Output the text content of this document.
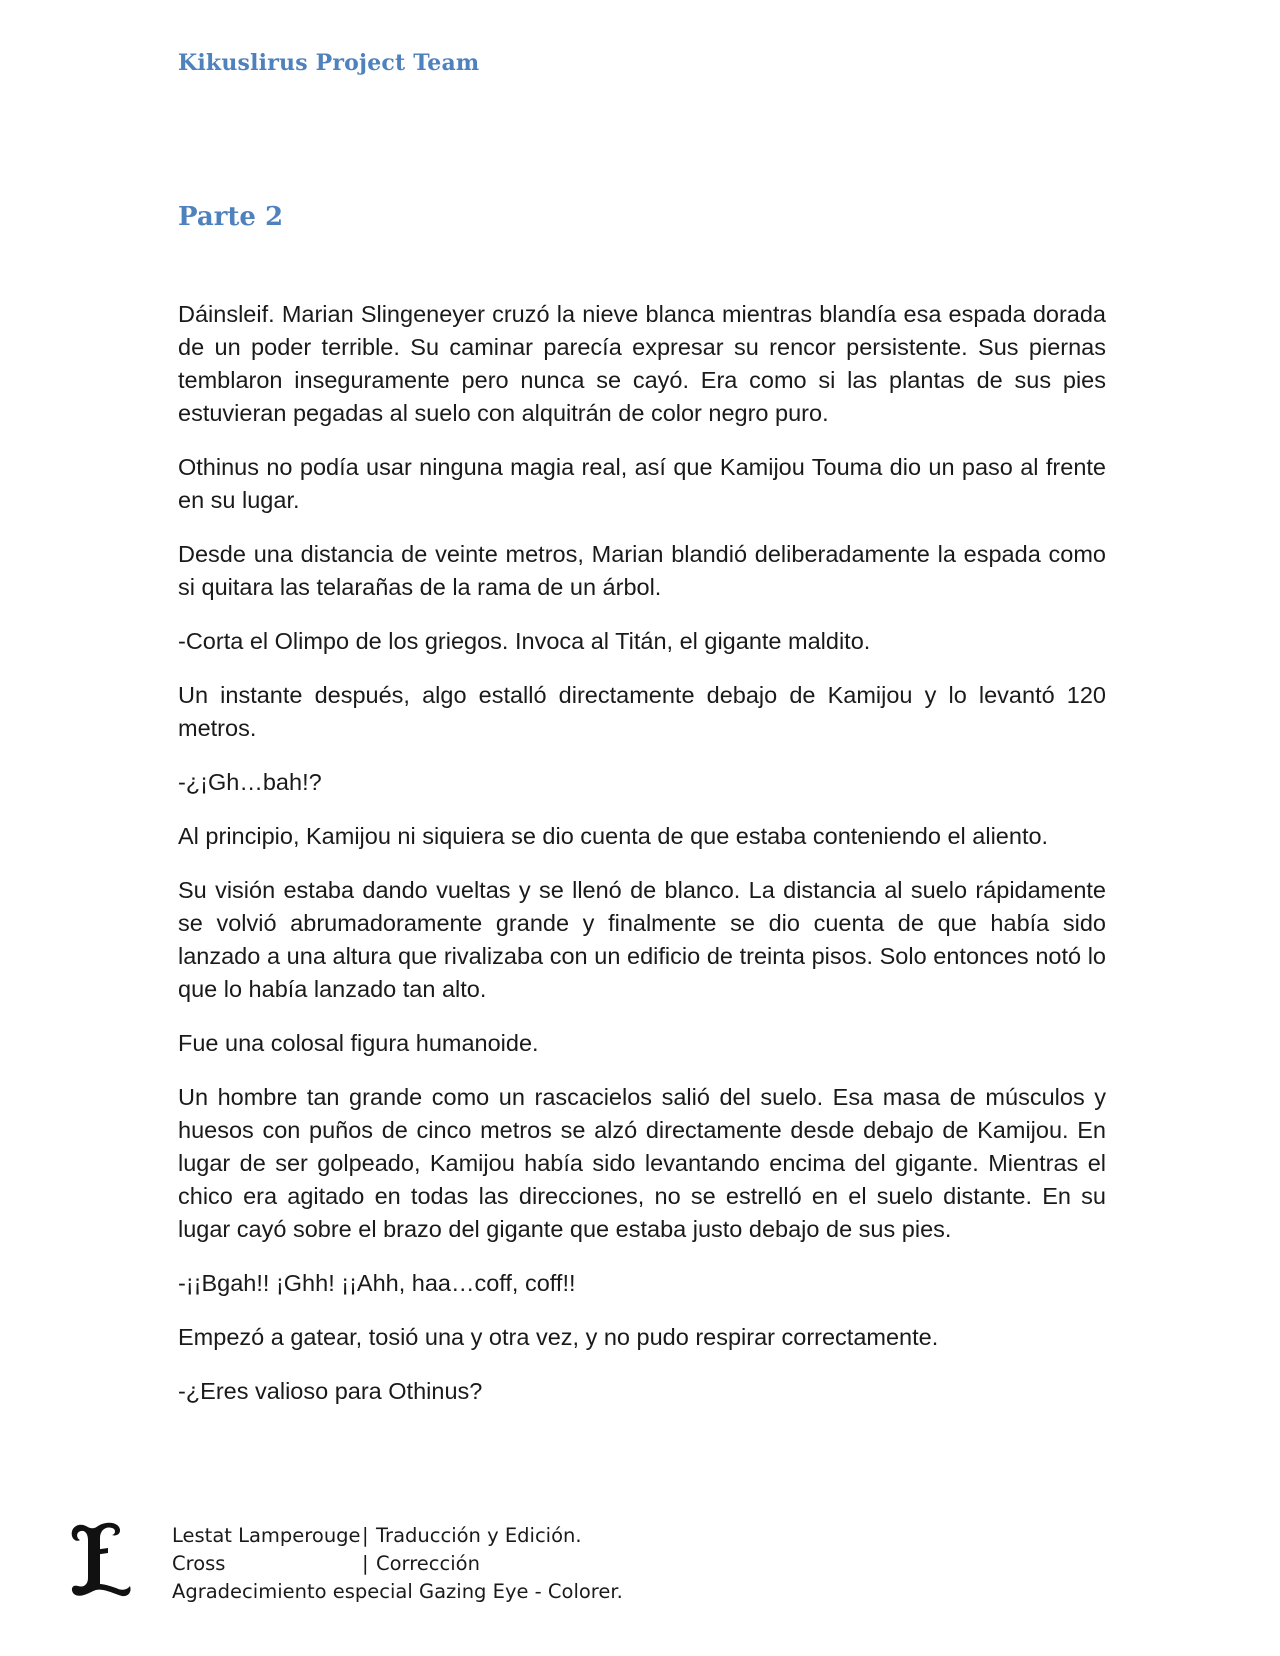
Kikuslirus Project Team
Parte 2

Dáinsleif. Marian Slingeneyer cruzó la nieve blanca mientras blandía esa espada dorada de un poder terrible. Su caminar parecía expresar su rencor persistente. Sus piernas temblaron inseguramente pero nunca se cayó. Era como si las plantas de sus pies estuvieran pegadas al suelo con alquitrán de color negro puro.

Othinus no podía usar ninguna magia real, así que Kamijou Touma dio un paso al frente en su lugar.

Desde una distancia de veinte metros, Marian blandió deliberadamente la espada como si quitara las telarañas de la rama de un árbol.

-Corta el Olimpo de los griegos. Invoca al Titán, el gigante maldito.

Un instante después, algo estalló directamente debajo de Kamijou y lo levantó 120 metros.

-¿¡Gh…bah!?

Al principio, Kamijou ni siquiera se dio cuenta de que estaba conteniendo el aliento.

Su visión estaba dando vueltas y se llenó de blanco. La distancia al suelo rápidamente se volvió abrumadoramente grande y finalmente se dio cuenta de que había sido lanzado a una altura que rivalizaba con un edificio de treinta pisos. Solo entonces notó lo que lo había lanzado tan alto.

Fue una colosal figura humanoide.

Un hombre tan grande como un rascacielos salió del suelo. Esa masa de músculos y huesos con puños de cinco metros se alzó directamente desde debajo de Kamijou. En lugar de ser golpeado, Kamijou había sido levantando encima del gigante. Mientras el chico era agitado en todas las direcciones, no se estrelló en el suelo distante. En su lugar cayó sobre el brazo del gigante que estaba justo debajo de sus pies.

-¡¡Bgah!! ¡Ghh! ¡¡Ahh, haa…coff, coff!!

Empezó a gatear, tosió una y otra vez, y no pudo respirar correctamente.

-¿Eres valioso para Othinus?

Lestat Lamperouge | Traducción y Edición.
Cross	| Corrección
Agradecimiento especial Gazing Eye - Colorer.
